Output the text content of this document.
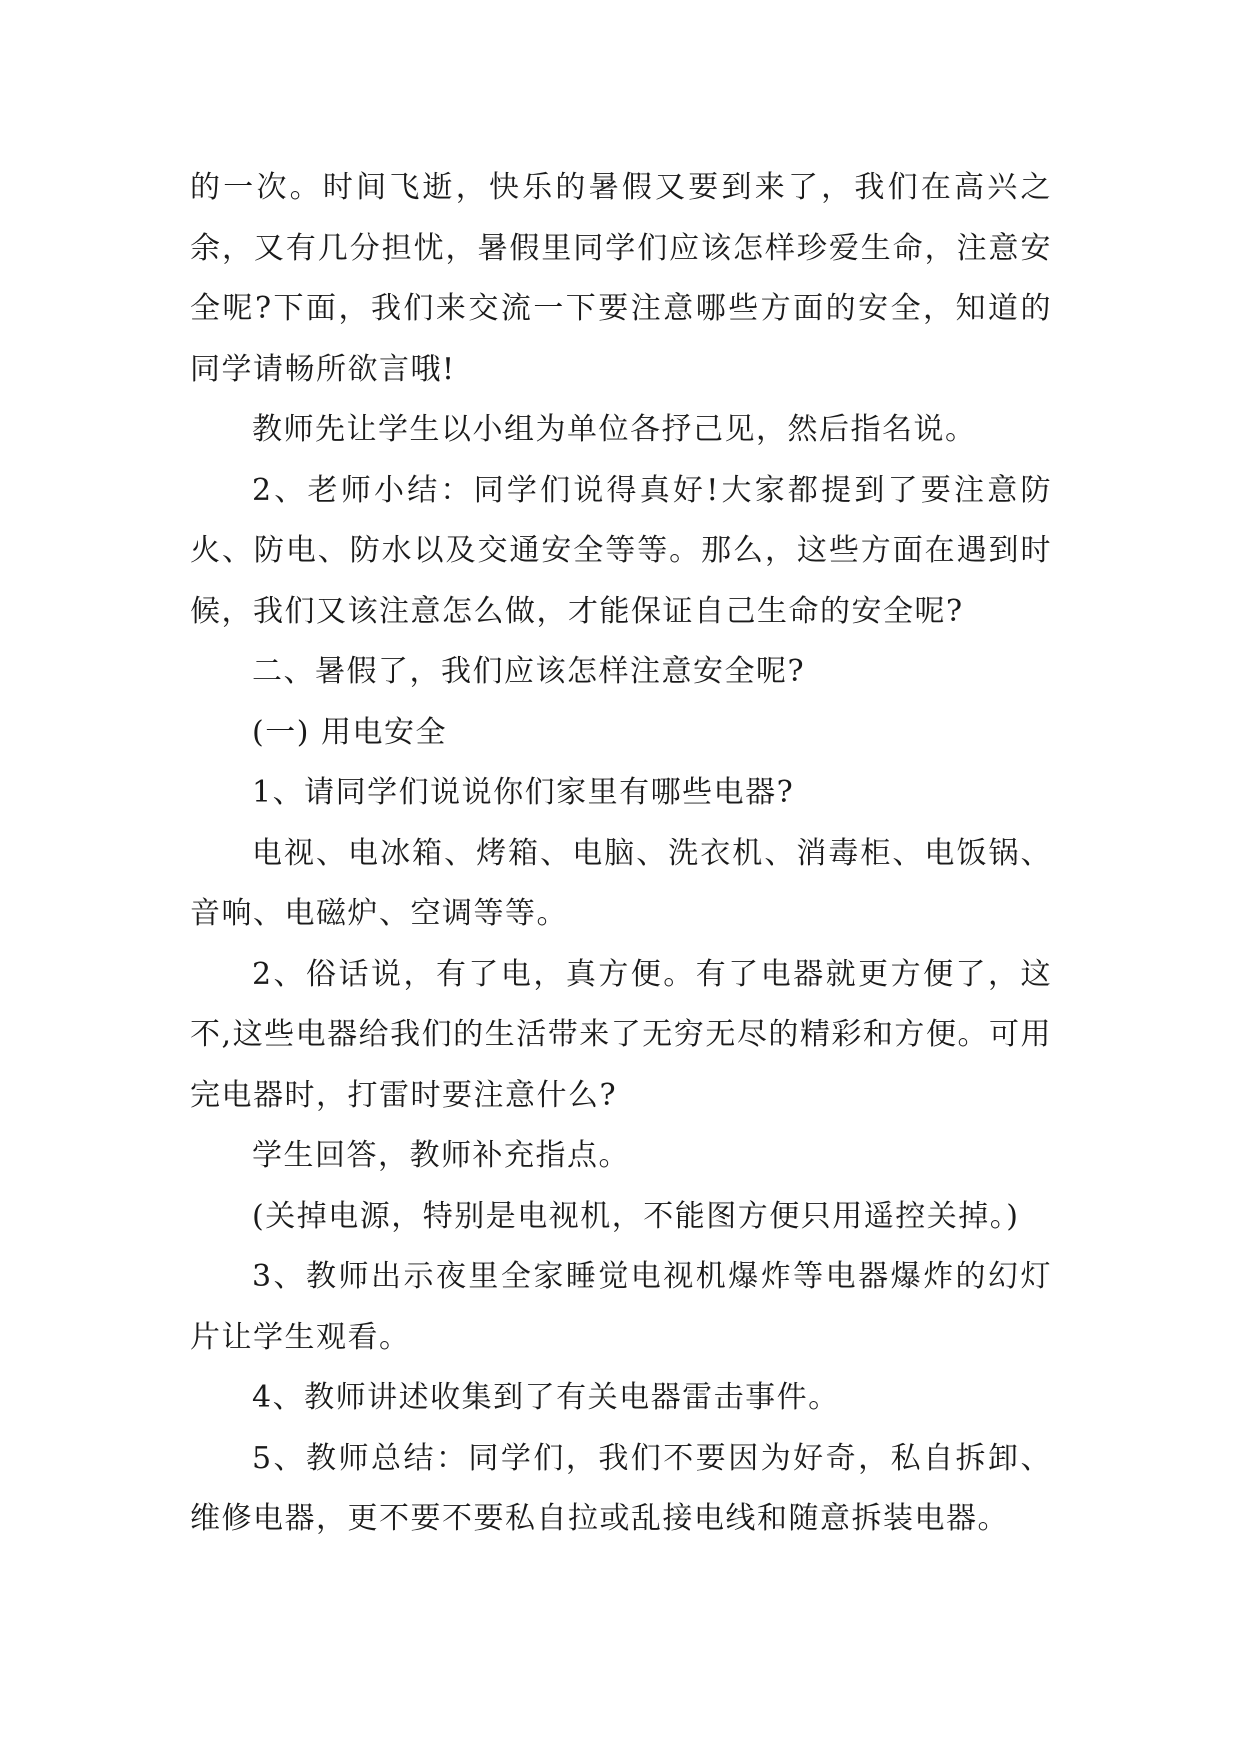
的一次。时间飞逝，快乐的暑假又要到来了，我们在高兴之余，又有几分担忧，暑假里同学们应该怎样珍爱生命，注意安全呢?下面，我们来交流一下要注意哪些方面的安全，知道的同学请畅所欲言哦!

教师先让学生以小组为单位各抒己见，然后指名说。

2、老师小结：同学们说得真好!大家都提到了要注意防火、防电、防水以及交通安全等等。那么，这些方面在遇到时候，我们又该注意怎么做，才能保证自己生命的安全呢?

二、暑假了，我们应该怎样注意安全呢?

(一) 用电安全

1、请同学们说说你们家里有哪些电器?

电视、电冰箱、烤箱、电脑、洗衣机、消毒柜、电饭锅、音响、电磁炉、空调等等。

2、俗话说，有了电，真方便。有了电器就更方便了，这不,这些电器给我们的生活带来了无穷无尽的精彩和方便。可用完电器时，打雷时要注意什么?

学生回答，教师补充指点。

(关掉电源，特别是电视机，不能图方便只用遥控关掉。)

3、教师出示夜里全家睡觉电视机爆炸等电器爆炸的幻灯片让学生观看。

4、教师讲述收集到了有关电器雷击事件。

5、教师总结：同学们，我们不要因为好奇，私自拆卸、维修电器，更不要不要私自拉或乱接电线和随意拆装电器。
